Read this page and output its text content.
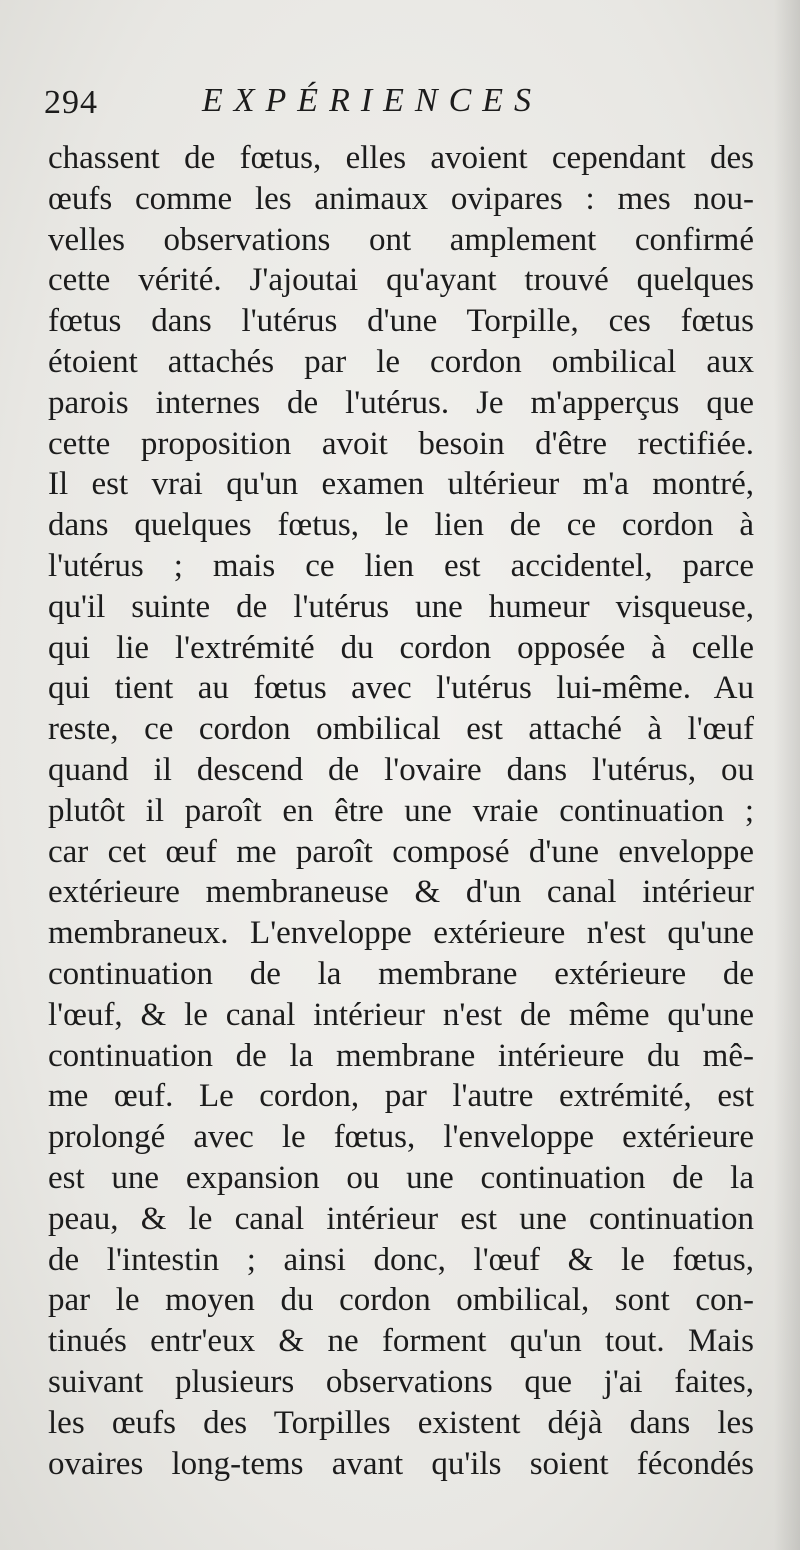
294	EXPÉRIENCES
chassent de fœtus, elles avoient cependant des
œufs comme les animaux ovipares : mes nou-
velles observations ont amplement confirmé
cette vérité. J'ajoutai qu'ayant trouvé quelques
fœtus dans l'utérus d'une Torpille, ces fœtus
étoient attachés par le cordon ombilical aux
parois internes de l'utérus. Je m'apperçus que
cette proposition avoit besoin d'être rectifiée.
Il est vrai qu'un examen ultérieur m'a montré,
dans quelques fœtus, le lien de ce cordon à
l'utérus ; mais ce lien est accidentel, parce
qu'il suinte de l'utérus une humeur visqueuse,
qui lie l'extrémité du cordon opposée à celle
qui tient au fœtus avec l'utérus lui-même. Au
reste, ce cordon ombilical est attaché à l'œuf
quand il descend de l'ovaire dans l'utérus, ou
plutôt il paroît en être une vraie continuation ;
car cet œuf me paroît composé d'une enveloppe
extérieure membraneuse & d'un canal intérieur
membraneux. L'enveloppe extérieure n'est qu'une
continuation de la membrane extérieure de
l'œuf, & le canal intérieur n'est de même qu'une
continuation de la membrane intérieure du mê-
me œuf. Le cordon, par l'autre extrémité, est
prolongé avec le fœtus, l'enveloppe extérieure
est une expansion ou une continuation de la
peau, & le canal intérieur est une continuation
de l'intestin ; ainsi donc, l'œuf & le fœtus,
par le moyen du cordon ombilical, sont con-
tinués entr'eux & ne forment qu'un tout. Mais
suivant plusieurs observations que j'ai faites,
les œufs des Torpilles existent déjà dans les
ovaires long-tems avant qu'ils soient fécondés
